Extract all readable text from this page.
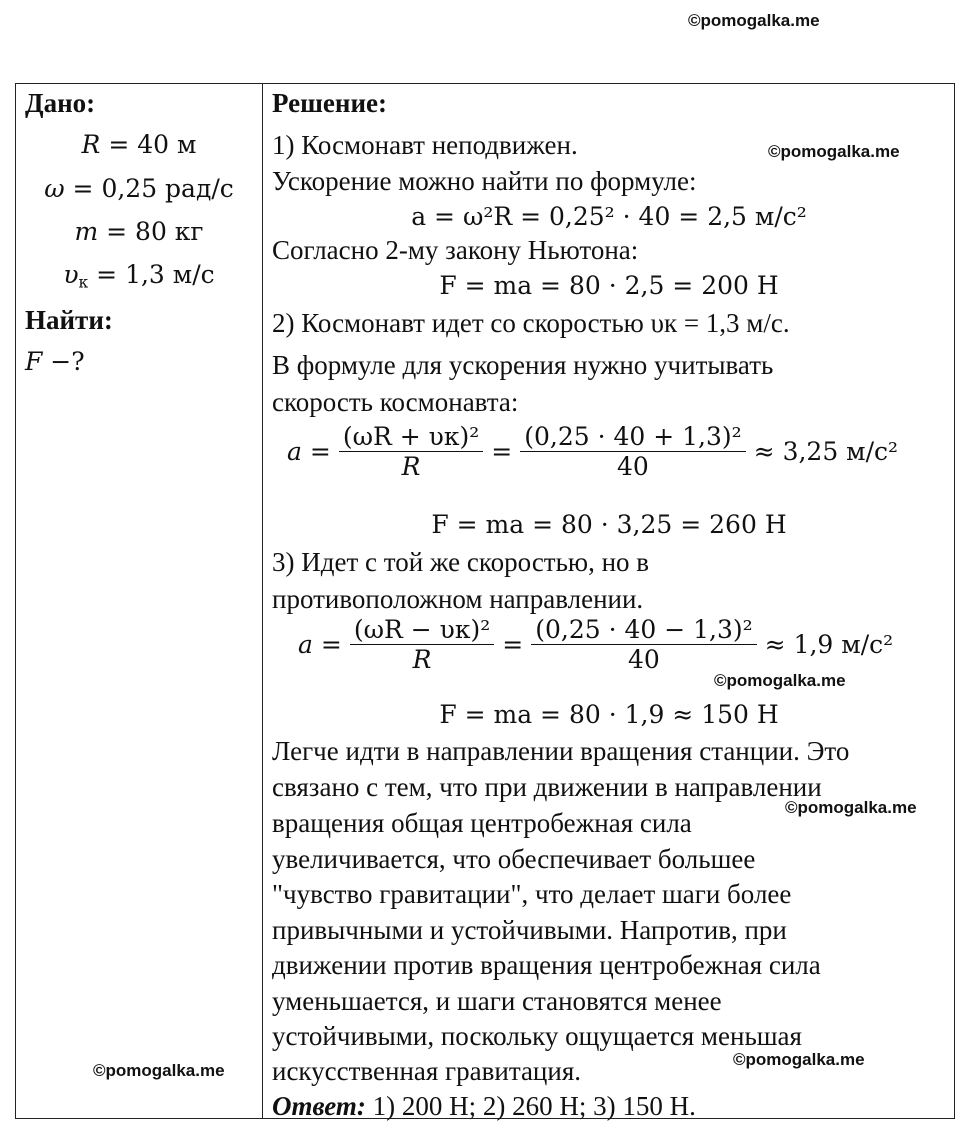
©pomogalka.me
©pomogalka.me
©pomogalka.me
©pomogalka.me
©pomogalka.me
©pomogalka.me
Дано:
R = 40 м
ω = 0,25 рад/с
m = 80 кг
$\upsilon_к = 1,3$ м/с
Найти:
F −?

Решение:
1) Космонавт неподвижен.
Ускорение можно найти по формуле:
a = ω²R = 0,25² · 40 = 2,5 м/с²
Согласно 2-му закону Ньютона:
F = ma = 80 · 2,5 = 200 Н
2) Космонавт идет со скоростью υк = 1,3 м/с.
В формуле для ускорения нужно учитывать
скорость космонавта:
$a = \frac{\text{(ωR + υк)²}}{R} = \frac{\text{(0,25 · 40 + 1,3)²}}{40} \approx 3,25$ м/с²
F = ma = 80 · 3,25 = 260 Н
3) Идет с той же скоростью, но в
противоположном направлении.
$a = \frac{\text{(ωR − υк)²}}{R} = \frac{\text{(0,25 · 40 − 1,3)²}}{40} \approx 1,9$ м/с²
F = ma = 80 · 1,9 ≈ 150 Н
Легче идти в направлении вращения станции. Это
связано с тем, что при движении в направлении
вращения общая центробежная сила
увеличивается, что обеспечивает большее
"чувство гравитации", что делает шаги более
привычными и устойчивыми. Напротив, при
движении против вращения центробежная сила
уменьшается, и шаги становятся менее
устойчивыми, поскольку ощущается меньшая
искусственная гравитация.
Ответ: 1) 200 Н; 2) 260 Н; 3) 150 Н.
